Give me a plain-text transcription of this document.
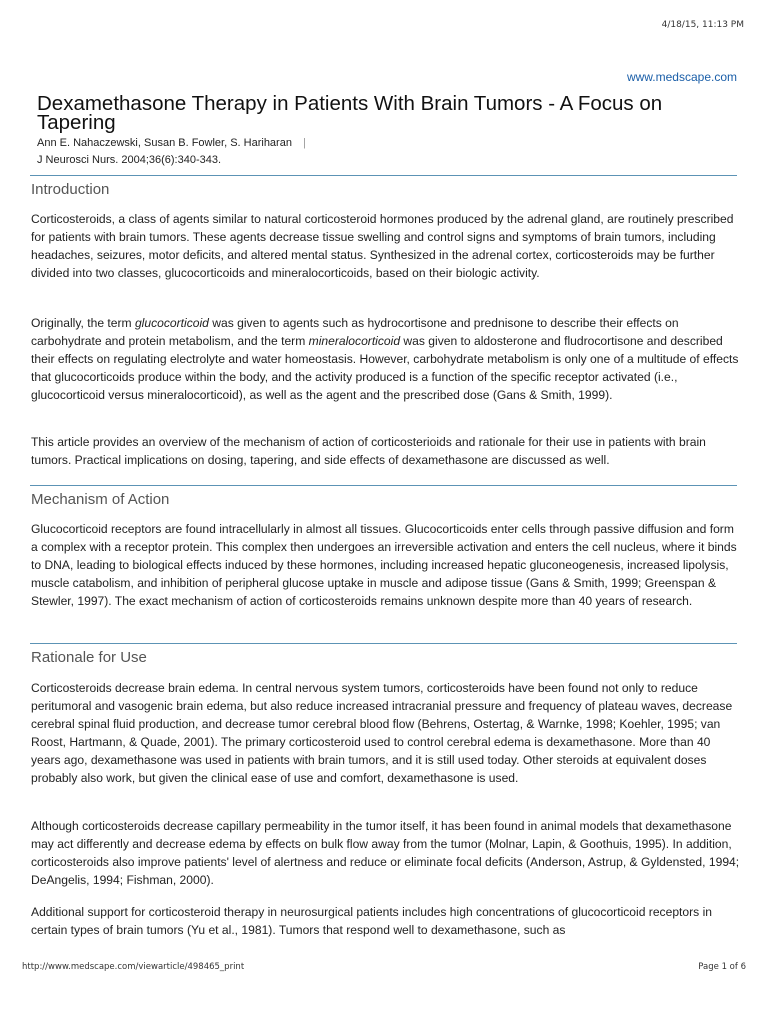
4/18/15, 11:13 PM
www.medscape.com
Dexamethasone Therapy in Patients With Brain Tumors - A Focus on Tapering
Ann E. Nahaczewski, Susan B. Fowler, S. Hariharan |
J Neurosci Nurs. 2004;36(6):340-343.
Introduction

Corticosteroids, a class of agents similar to natural corticosteroid hormones produced by the adrenal gland, are routinely prescribed for patients with brain tumors. These agents decrease tissue swelling and control signs and symptoms of brain tumors, including headaches, seizures, motor deficits, and altered mental status. Synthesized in the adrenal cortex, corticosteroids may be further divided into two classes, glucocorticoids and mineralocorticoids, based on their biologic activity.

Originally, the term glucocorticoid was given to agents such as hydrocortisone and prednisone to describe their effects on carbohydrate and protein metabolism, and the term mineralocorticoid was given to aldosterone and fludrocortisone and described their effects on regulating electrolyte and water homeostasis. However, carbohydrate metabolism is only one of a multitude of effects that glucocorticoids produce within the body, and the activity produced is a function of the specific receptor activated (i.e., glucocorticoid versus mineralocorticoid), as well as the agent and the prescribed dose (Gans & Smith, 1999).

This article provides an overview of the mechanism of action of corticosterioids and rationale for their use in patients with brain tumors. Practical implications on dosing, tapering, and side effects of dexamethasone are discussed as well.

Mechanism of Action

Glucocorticoid receptors are found intracellularly in almost all tissues. Glucocorticoids enter cells through passive diffusion and form a complex with a receptor protein. This complex then undergoes an irreversible activation and enters the cell nucleus, where it binds to DNA, leading to biological effects induced by these hormones, including increased hepatic gluconeogenesis, increased lipolysis, muscle catabolism, and inhibition of peripheral glucose uptake in muscle and adipose tissue (Gans & Smith, 1999; Greenspan & Stewler, 1997). The exact mechanism of action of corticosteroids remains unknown despite more than 40 years of research.

Rationale for Use

Corticosteroids decrease brain edema. In central nervous system tumors, corticosteroids have been found not only to reduce peritumoral and vasogenic brain edema, but also reduce increased intracranial pressure and frequency of plateau waves, decrease cerebral spinal fluid production, and decrease tumor cerebral blood flow (Behrens, Ostertag, & Warnke, 1998; Koehler, 1995; van Roost, Hartmann, & Quade, 2001). The primary corticosteroid used to control cerebral edema is dexamethasone. More than 40 years ago, dexamethasone was used in patients with brain tumors, and it is still used today. Other steroids at equivalent doses probably also work, but given the clinical ease of use and comfort, dexamethasone is used.

Although corticosteroids decrease capillary permeability in the tumor itself, it has been found in animal models that dexamethasone may act differently and decrease edema by effects on bulk flow away from the tumor (Molnar, Lapin, & Goothuis, 1995). In addition, corticosteroids also improve patients' level of alertness and reduce or eliminate focal deficits (Anderson, Astrup, & Gyldensted, 1994; DeAngelis, 1994; Fishman, 2000).

Additional support for corticosteroid therapy in neurosurgical patients includes high concentrations of glucocorticoid receptors in certain types of brain tumors (Yu et al., 1981). Tumors that respond well to dexamethasone, such as

http://www.medscape.com/viewarticle/498465_print	Page 1 of 6
